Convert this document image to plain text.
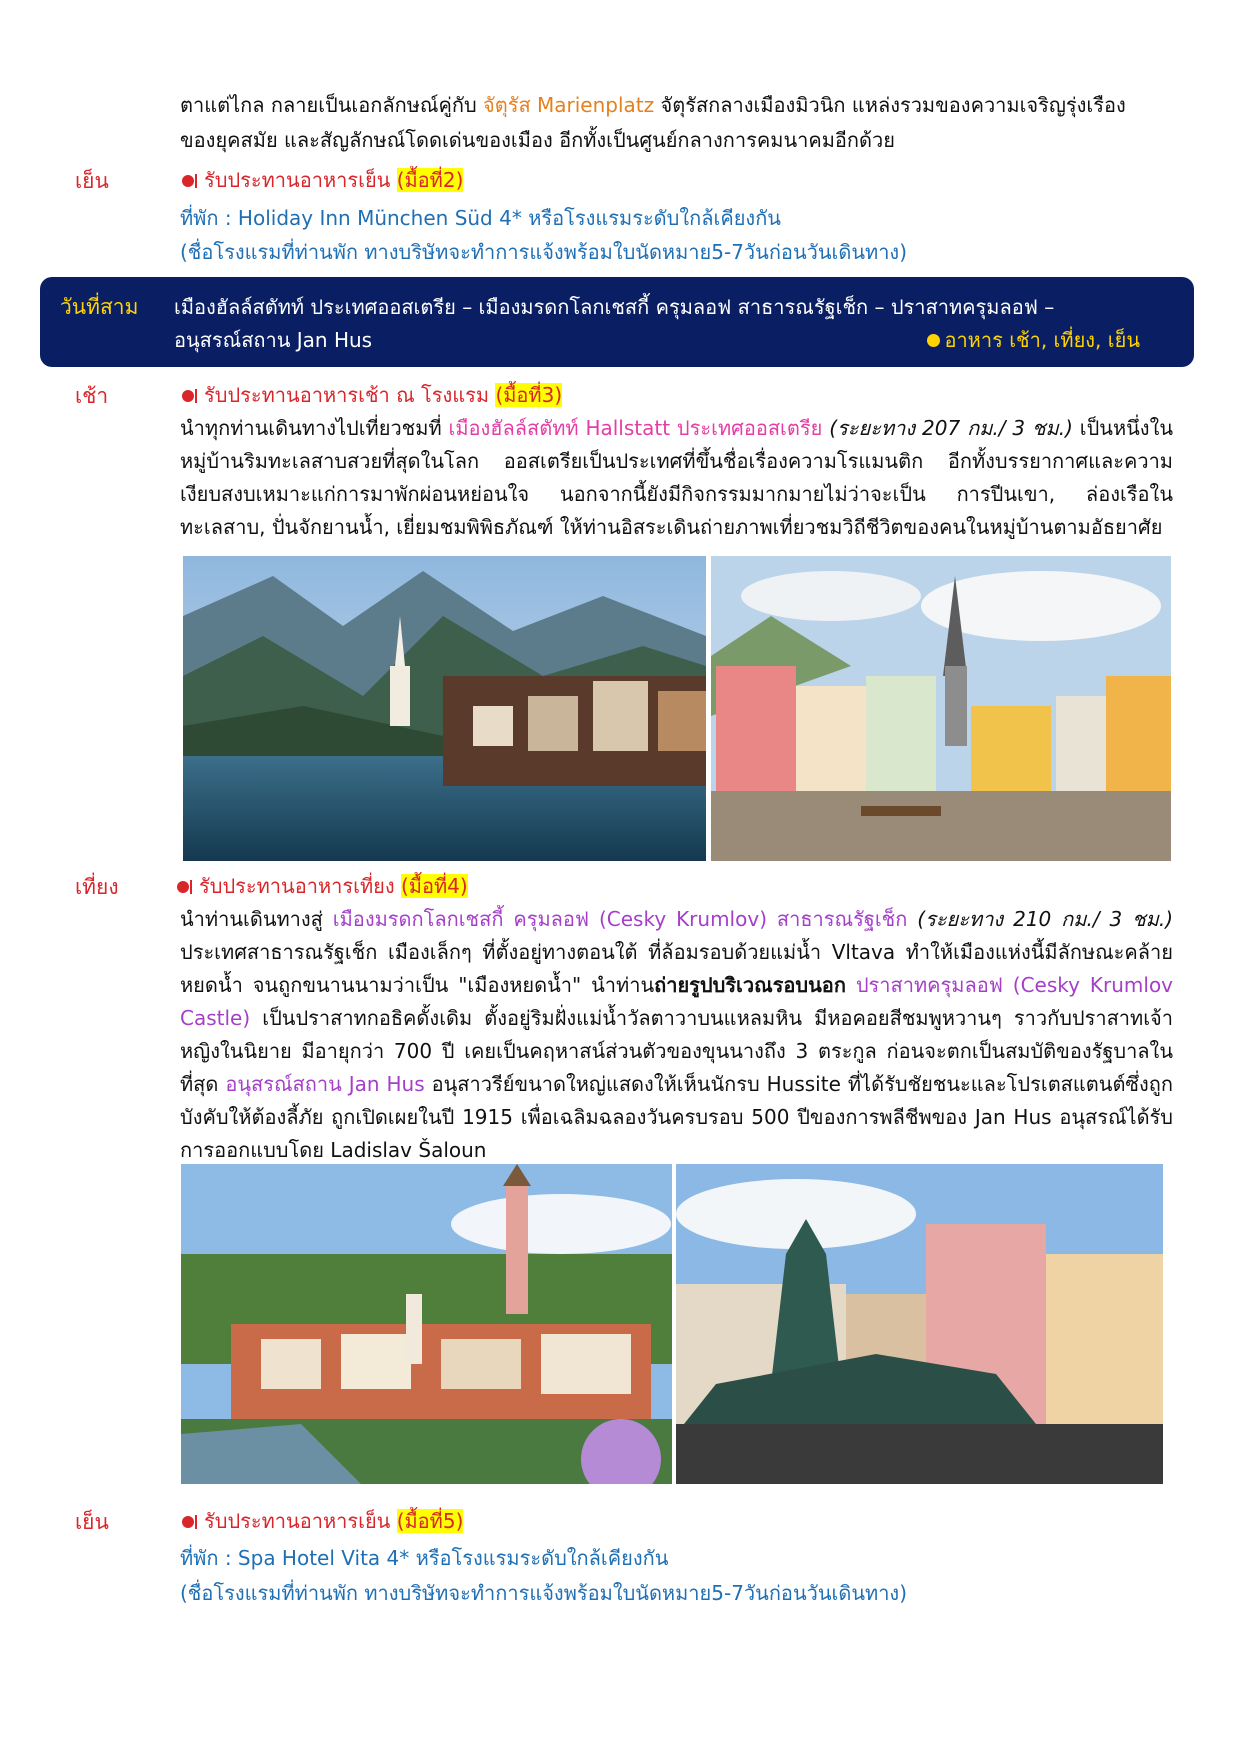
ตาแต่ไกล กลายเป็นเอกลักษณ์คู่กับ จัตุรัส Marienplatz จัตุรัสกลางเมืองมิวนิก แหล่งรวมของความเจริญรุ่งเรือง
ของยุคสมัย และสัญลักษณ์โดดเด่นของเมือง อีกทั้งเป็นศูนย์กลางการคมนาคมอีกด้วย
เย็น	รับประทานอาหารเย็น (มื้อที่2)
ที่พัก : Holiday Inn München Süd 4* หรือโรงแรมระดับใกล้เคียงกัน
(ชื่อโรงแรมที่ท่านพัก ทางบริษัทจะทำการแจ้งพร้อมใบนัดหมาย5-7วันก่อนวันเดินทาง)
วันที่สาม เมืองฮัลล์สตัทท์ ประเทศออสเตรีย – เมืองมรดกโลกเชสกี้ ครุมลอฟ สาธารณรัฐเช็ก – ปราสาทครุมลอฟ –
อนุสรณ์สถาน Jan Hus	อาหาร เช้า, เที่ยง, เย็น
เช้า	รับประทานอาหารเช้า ณ โรงแรม (มื้อที่3)
นำทุกท่านเดินทางไปเที่ยวชมที่ เมืองฮัลล์สตัทท์ Hallstatt ประเทศออสเตรีย (ระยะทาง 207 กม./ 3 ชม.) เป็นหนึ่งในหมู่บ้านริมทะเลสาบสวยที่สุดในโลก ออสเตรียเป็นประเทศที่ขึ้นชื่อเรื่องความโรแมนติก อีกทั้งบรรยากาศและความเงียบสงบเหมาะแก่การมาพักผ่อนหย่อนใจ นอกจากนี้ยังมีกิจกรรมมากมายไม่ว่าจะเป็น การปีนเขา, ล่องเรือในทะเลสาบ, ปั่นจักยานน้ำ, เยี่ยมชมพิพิธภัณฑ์ ให้ท่านอิสระเดินถ่ายภาพเที่ยวชมวิถีชีวิตของคนในหมู่บ้านตามอัธยาศัย
เที่ยง	รับประทานอาหารเที่ยง (มื้อที่4)
นำท่านเดินทางสู่ เมืองมรดกโลกเชสกี้ ครุมลอฟ (Cesky Krumlov) สาธารณรัฐเช็ก (ระยะทาง 210 กม./ 3 ชม.) ประเทศสาธารณรัฐเช็ก เมืองเล็กๆ ที่ตั้งอยู่ทางตอนใต้ ที่ล้อมรอบด้วยแม่น้ำ Vltava ทำให้เมืองแห่งนี้มีลักษณะคล้ายหยดน้ำ จนถูกขนานนามว่าเป็น "เมืองหยดน้ำ" นำท่านถ่ายรูปบริเวณรอบนอก ปราสาทครุมลอฟ (Cesky Krumlov Castle) เป็นปราสาทกอธิคดั้งเดิม ตั้งอยู่ริมฝั่งแม่น้ำวัลตาวาบนแหลมหิน มีหอคอยสีชมพูหวานๆ ราวกับปราสาทเจ้าหญิงในนิยาย มีอายุกว่า 700 ปี เคยเป็นคฤหาสน์ส่วนตัวของขุนนางถึง 3 ตระกูล ก่อนจะตกเป็นสมบัติของรัฐบาลในที่สุด อนุสรณ์สถาน Jan Hus อนุสาวรีย์ขนาดใหญ่แสดงให้เห็นนักรบ Hussite ที่ได้รับชัยชนะและโปรเตสแตนต์ซึ่งถูกบังคับให้ต้องลี้ภัย ถูกเปิดเผยในปี 1915 เพื่อเฉลิมฉลองวันครบรอบ 500 ปีของการพลีชีพของ Jan Hus อนุสรณ์ได้รับการออกแบบโดย Ladislav Šaloun
เย็น	รับประทานอาหารเย็น (มื้อที่5)
ที่พัก : Spa Hotel Vita 4* หรือโรงแรมระดับใกล้เคียงกัน
(ชื่อโรงแรมที่ท่านพัก ทางบริษัทจะทำการแจ้งพร้อมใบนัดหมาย5-7วันก่อนวันเดินทาง)
